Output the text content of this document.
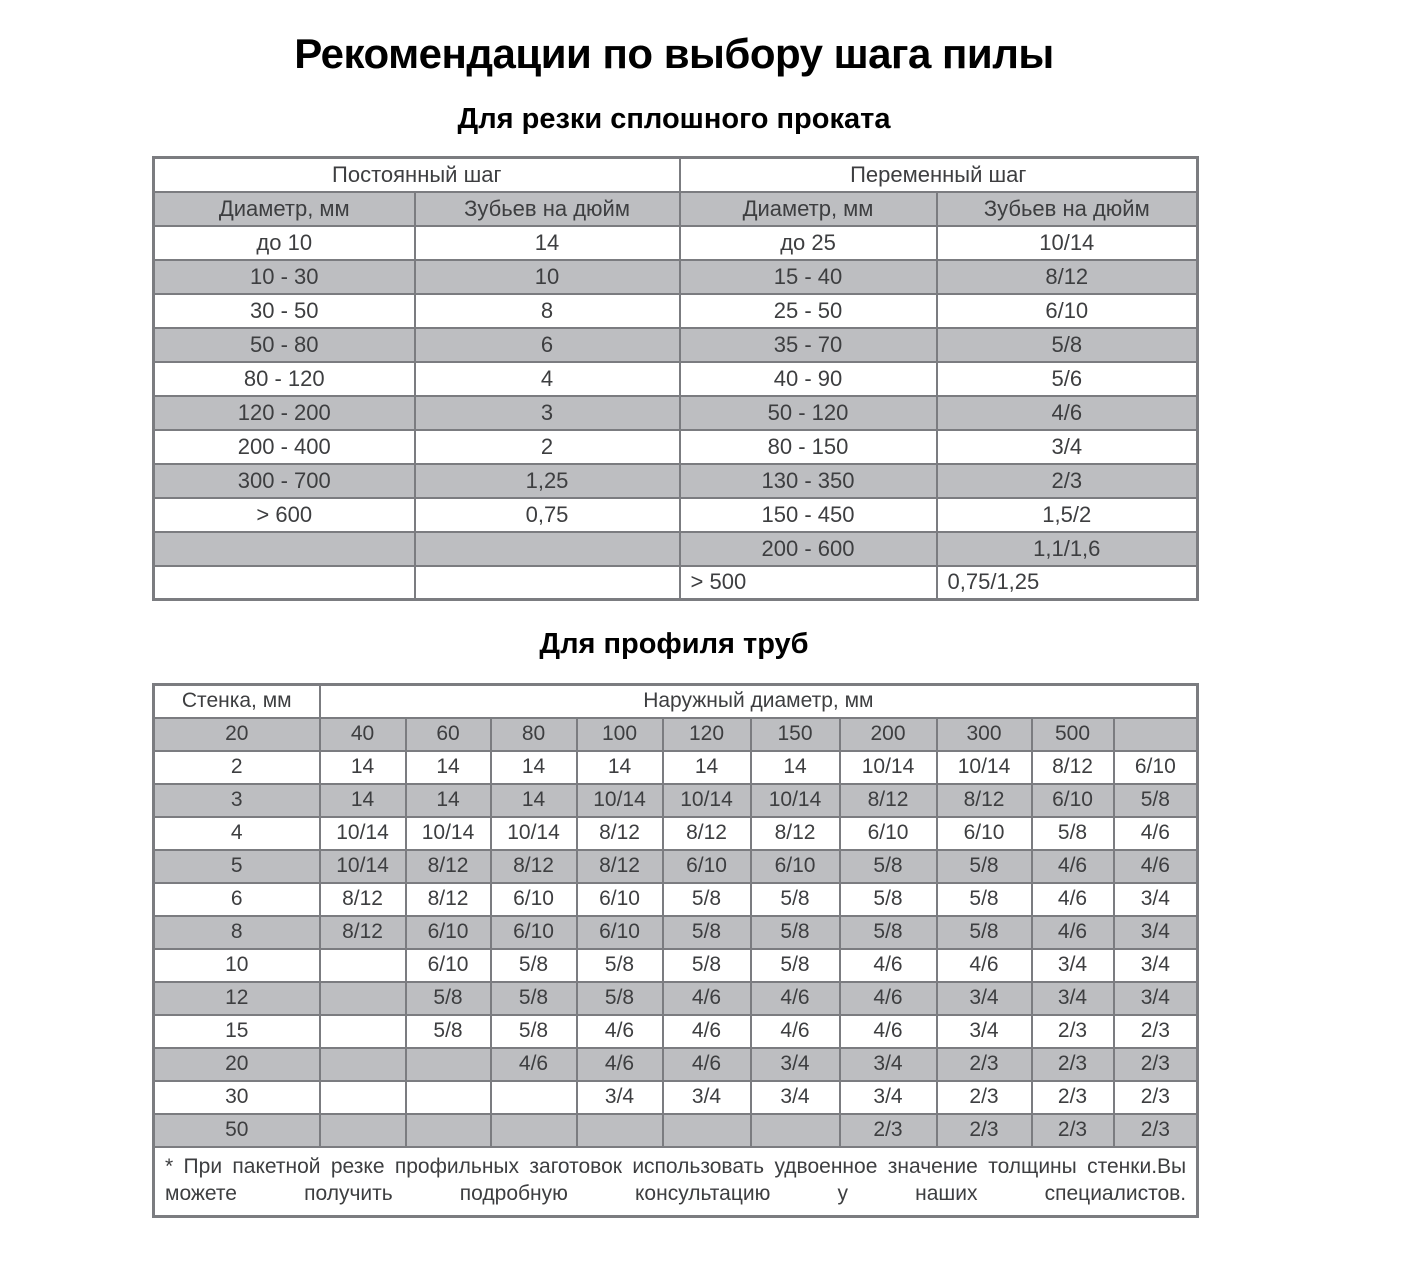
Рекомендации по выбору шага пилы
Для резки сплошного проката
Постоянный шаг		Переменный шаг	
Диаметр, мм	Зубьев на дюйм	Диаметр, мм	Зубьев на дюйм
до 10	14	до 25	10/14
10 - 30	10	15 - 40	8/12
30 - 50	8	25 - 50	6/10
50 - 80	6	35 - 70	5/8
80 - 120	4	40 - 90	5/6
120 - 200	3	50 - 120	4/6
200 - 400	2	80 - 150	3/4
300 - 700	1,25	130 - 350	2/3
> 600	0,75	150 - 450	1,5/2
		200 - 600	1,1/1,6
		> 500	0,75/1,25
Для профиля труб
Стенка, мм	Наружный диаметр, мм									
20	40	60	80	100	120	150	200	300	500	
2	14	14	14	14	14	14	10/14	10/14	8/12	6/10
3	14	14	14	10/14	10/14	10/14	8/12	8/12	6/10	5/8
4	10/14	10/14	10/14	8/12	8/12	8/12	6/10	6/10	5/8	4/6
5	10/14	8/12	8/12	8/12	6/10	6/10	5/8	5/8	4/6	4/6
6	8/12	8/12	6/10	6/10	5/8	5/8	5/8	5/8	4/6	3/4
8	8/12	6/10	6/10	6/10	5/8	5/8	5/8	5/8	4/6	3/4
10		6/10	5/8	5/8	5/8	5/8	4/6	4/6	3/4	3/4
12		5/8	5/8	5/8	4/6	4/6	4/6	3/4	3/4	3/4
15		5/8	5/8	4/6	4/6	4/6	4/6	3/4	2/3	2/3
20			4/6	4/6	4/6	3/4	3/4	2/3	2/3	2/3
30				3/4	3/4	3/4	3/4	2/3	2/3	2/3
50							2/3	2/3	2/3	2/3
* При пакетной резке профильных заготовок использовать удвоенное значение толщины стенки.Вы можете получить подробную консультацию у наших специалистов.										
